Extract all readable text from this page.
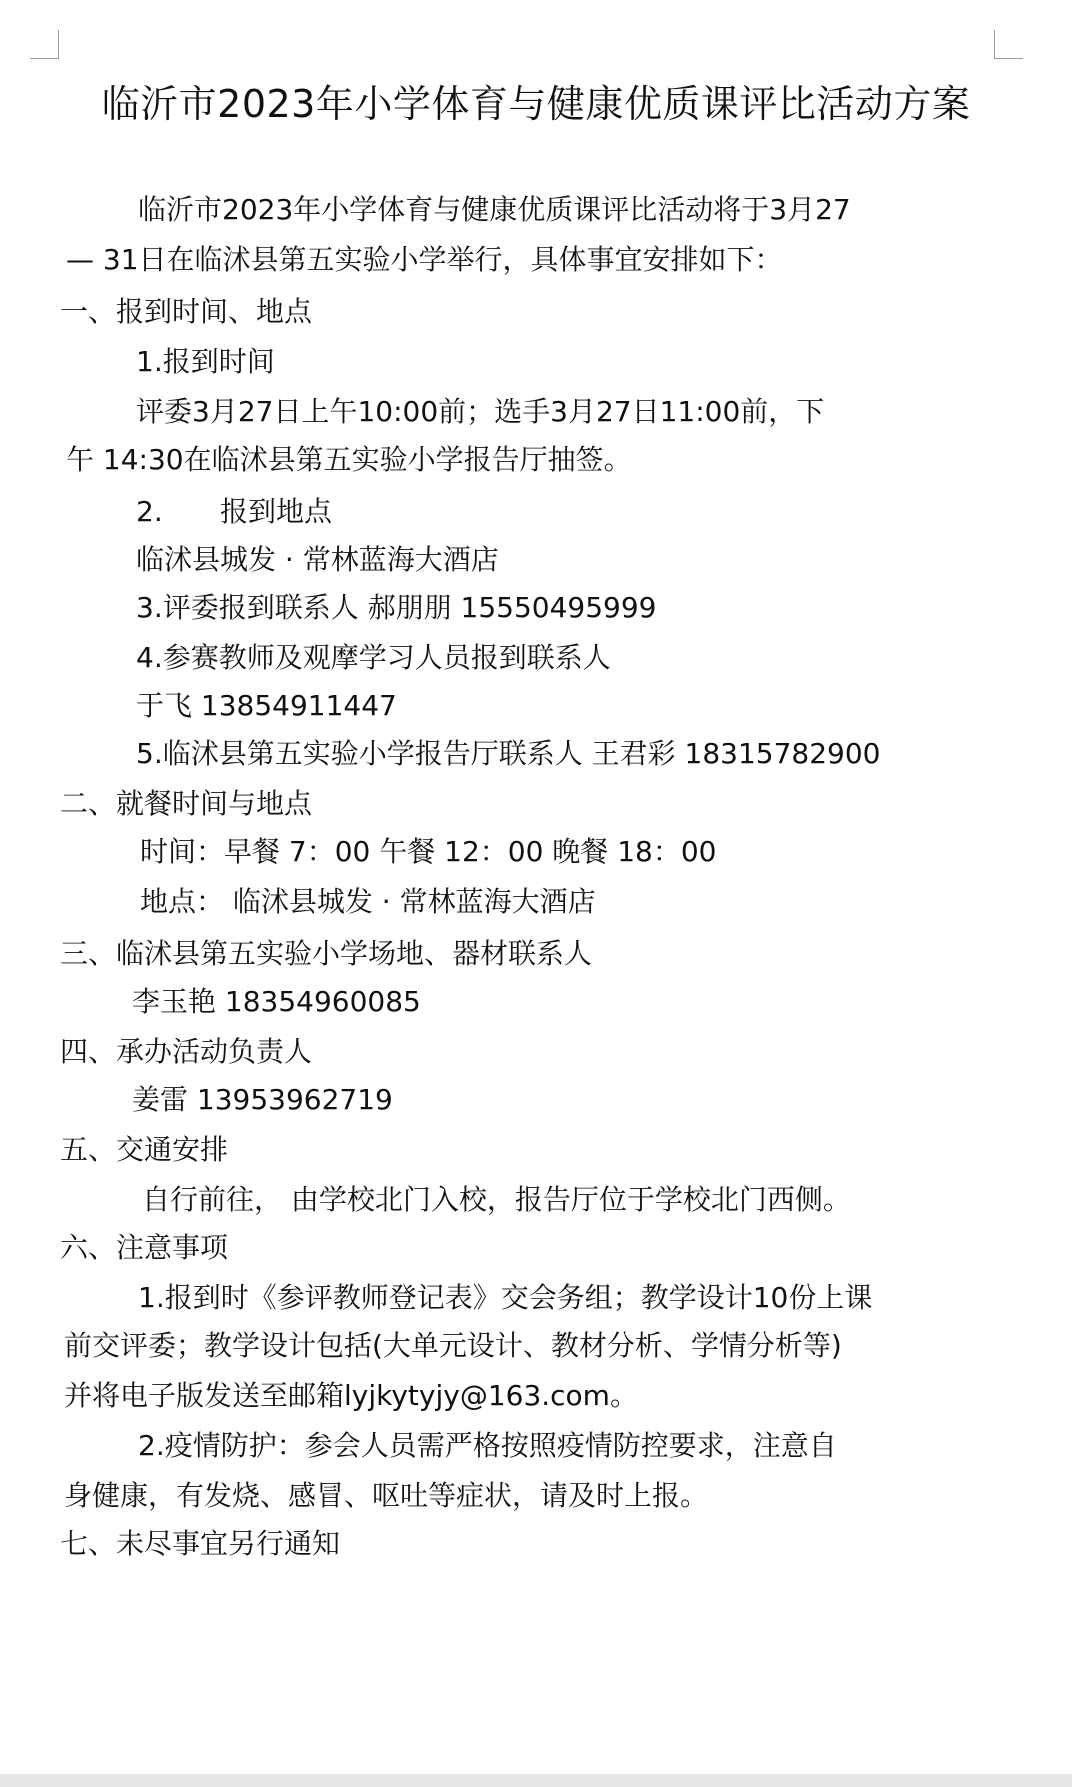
临沂市2023年小学体育与健康优质课评比活动方案

临沂市2023年小学体育与健康优质课评比活动将于3月27

— 31日在临沭县第五实验小学举行，具体事宜安排如下：

一、报到时间、地点

1.报到时间

评委3月27日上午10:00前；选手3月27日11:00前，下

午 14:30在临沭县第五实验小学报告厅抽签。

2. 报到地点

临沭县城发 · 常林蓝海大酒店

3.评委报到联系人 郝朋朋 15550495999

4.参赛教师及观摩学习人员报到联系人

于飞 13854911447

5.临沭县第五实验小学报告厅联系人 王君彩 18315782900

二、就餐时间与地点

时间：早餐 7：00 午餐 12：00 晚餐 18：00

地点： 临沭县城发 · 常林蓝海大酒店

三、临沭县第五实验小学场地、器材联系人

李玉艳 18354960085

四、承办活动负责人

姜雷 13953962719

五、交通安排

自行前往， 由学校北门入校，报告厅位于学校北门西侧。

六、注意事项

1.报到时《参评教师登记表》交会务组；教学设计10份上课

前交评委；教学设计包括(大单元设计、教材分析、学情分析等)

并将电子版发送至邮箱lyjkytyjy@163.com。

2.疫情防护：参会人员需严格按照疫情防控要求，注意自

身健康，有发烧、感冒、呕吐等症状，请及时上报。

七、未尽事宜另行通知
